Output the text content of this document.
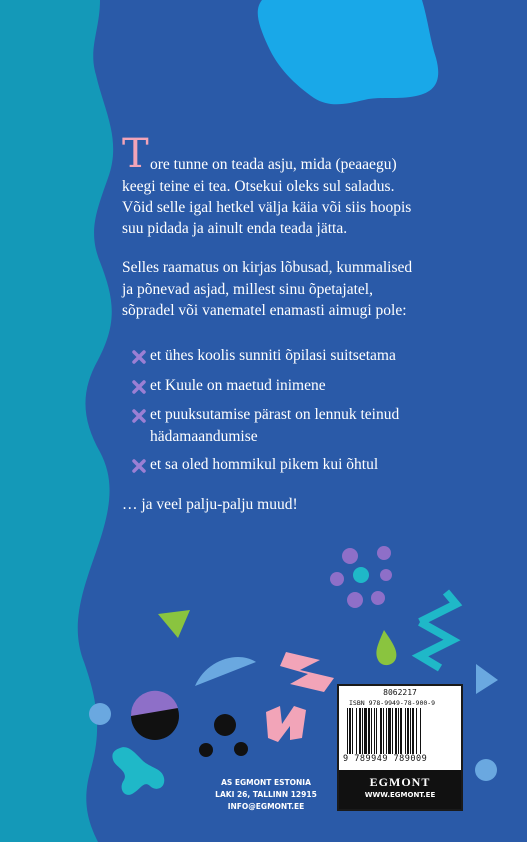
T ore tunne on teada asju, mida (peaaegu)
keegi teine ei tea. Otsekui oleks sul saladus.
Võid selle igal hetkel välja käia või siis hoopis
suu pidada ja ainult enda teada jätta.
Selles raamatus on kirjas lõbusad, kummalised
ja põnevad asjad, millest sinu õpetajatel,
sõpradel või vanematel enamasti aimugi pole:
et ühes koolis sunniti õpilasi suitsetama
et Kuule on maetud inimene
et puuksutamise pärast on lennuk teinud
hädamaandumise
et sa oled hommikul pikem kui õhtul
… ja veel palju-palju muud!
AS EGMONT ESTONIA
LAKI 26, TALLINN 12915
INFO@EGMONT.EE
8062217
ISBN 978-9949-78-900-9
9 789949 789009
EGMONT
WWW.EGMONT.EE
